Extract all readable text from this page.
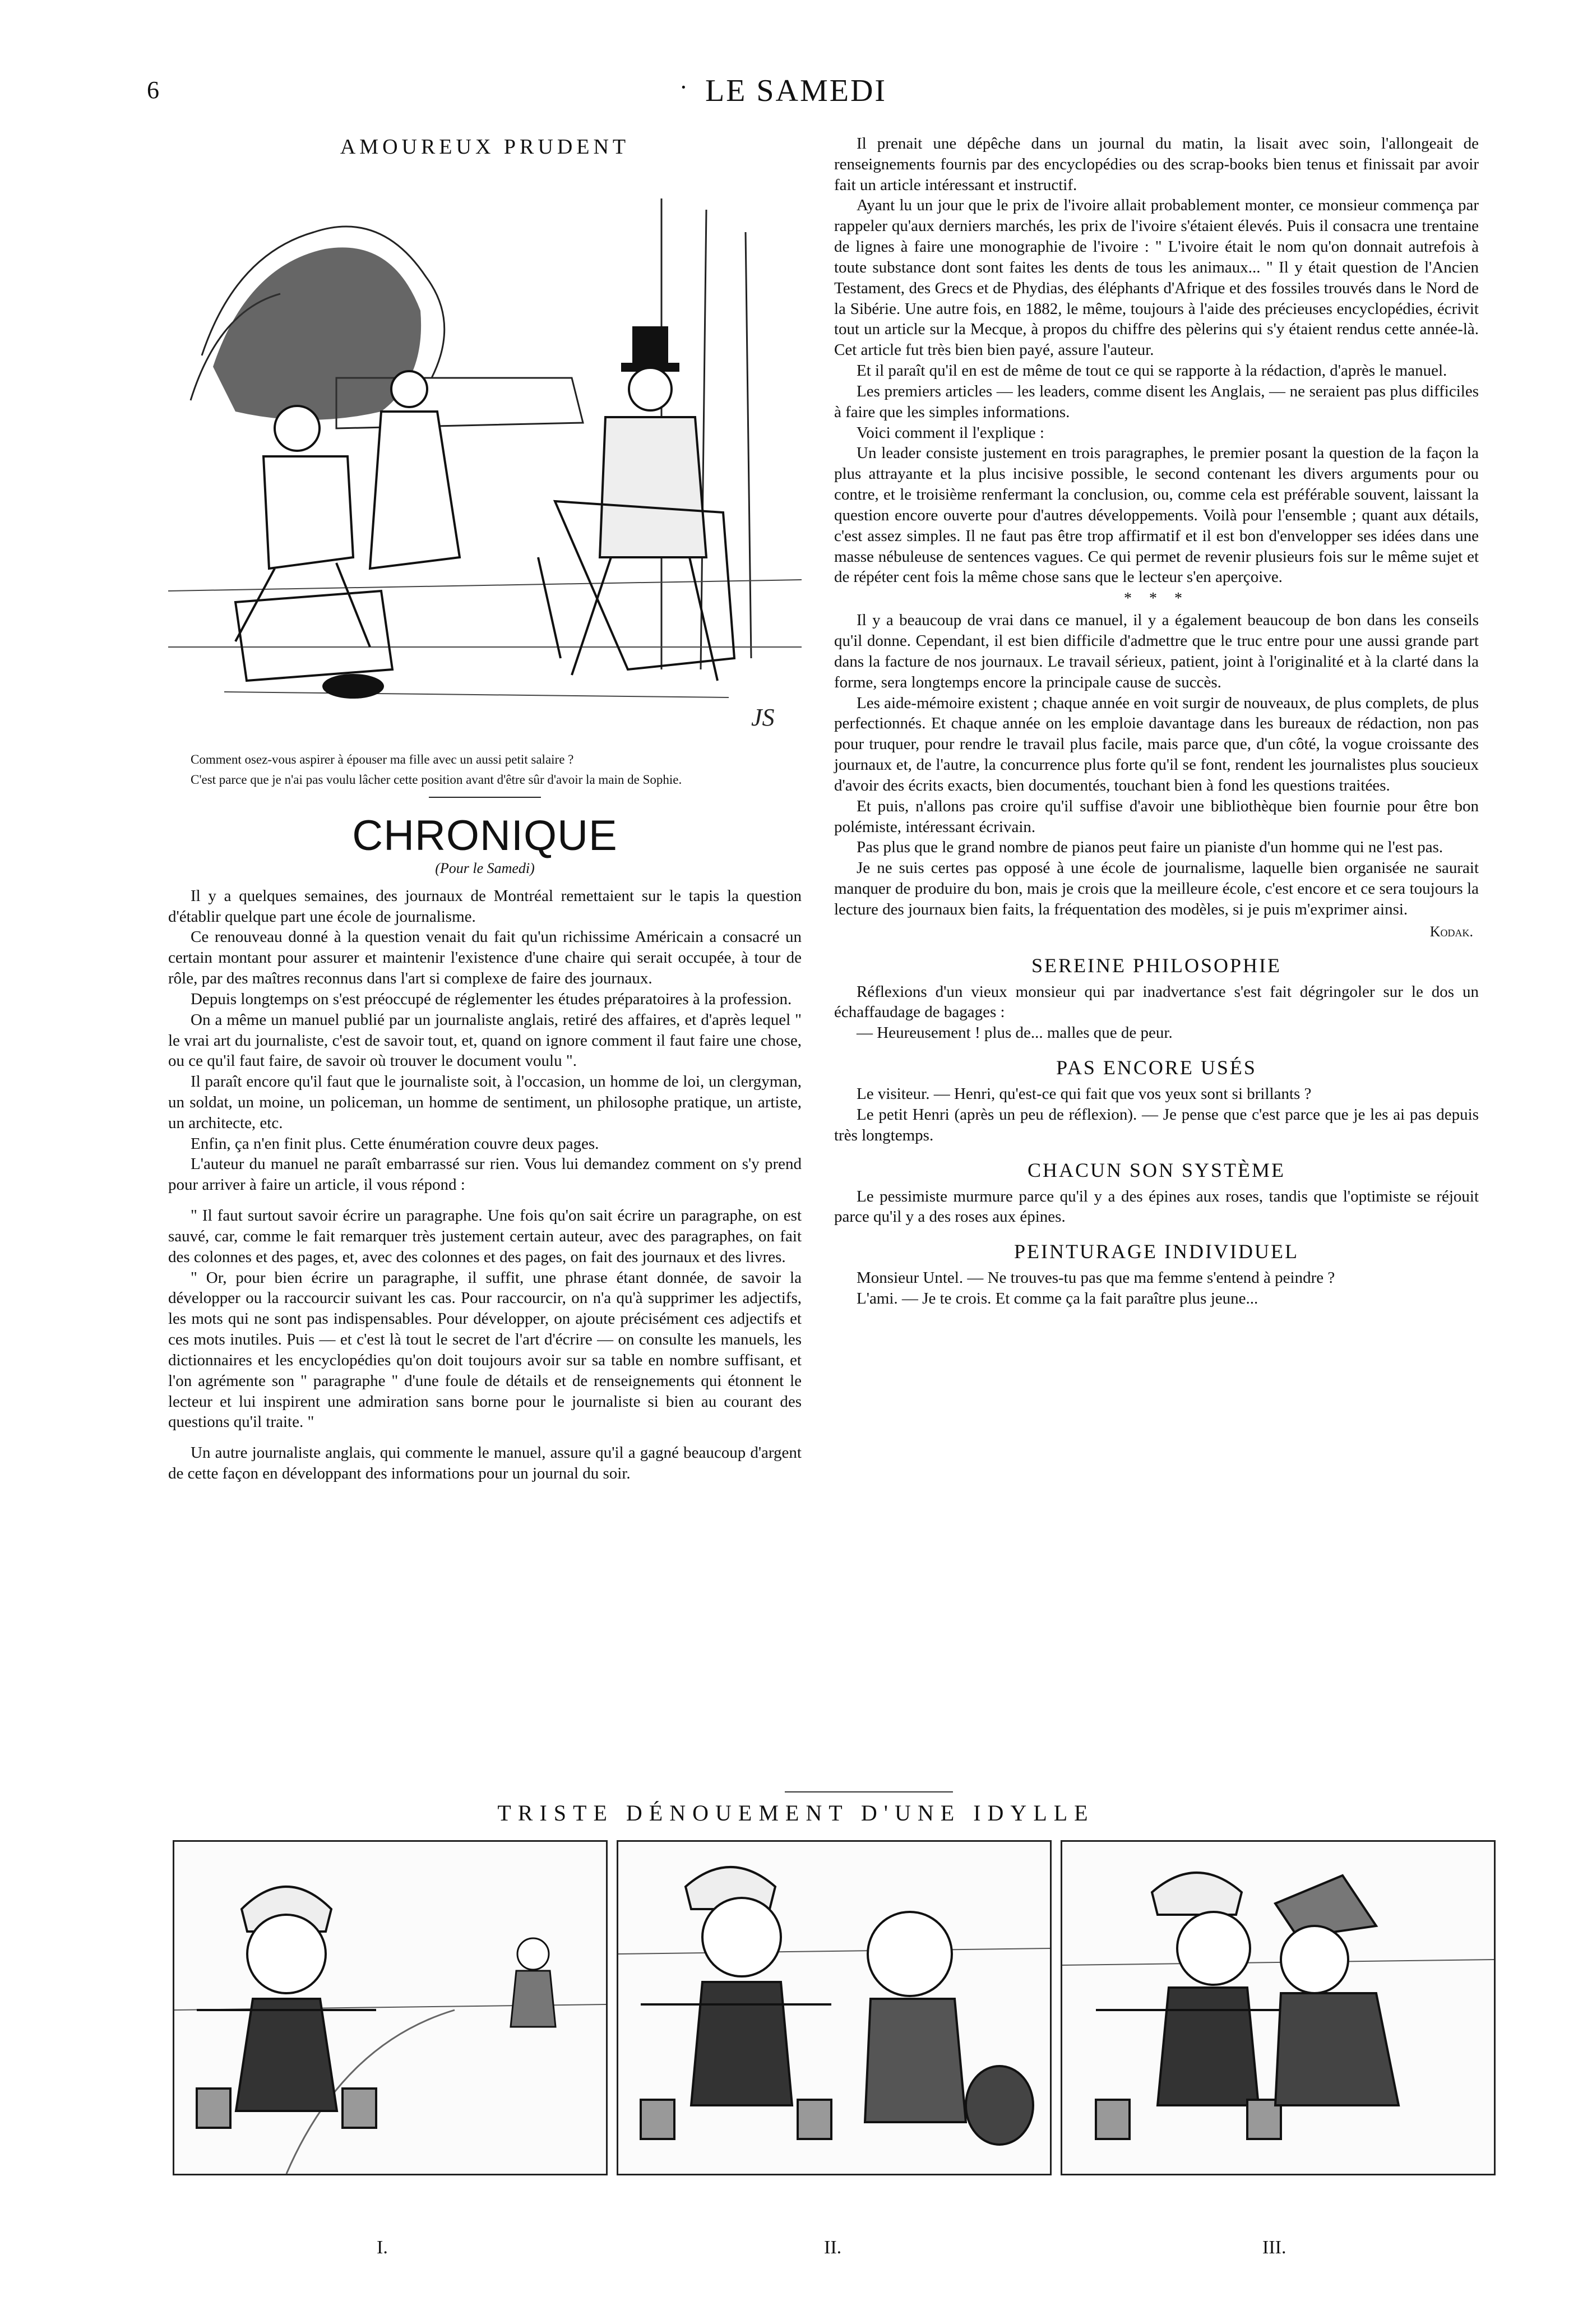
6	· LE SAMEDI
AMOUREUX PRUDENT
JS

Comment osez-vous aspirer à épouser ma fille avec un aussi petit salaire ?

C'est parce que je n'ai pas voulu lâcher cette position avant d'être sûr d'avoir la main de Sophie.

CHRONIQUE
(Pour le Samedi)

Il y a quelques semaines, des journaux de Montréal remettaient sur le tapis la question d'établir quelque part une école de journalisme.

Ce renouveau donné à la question venait du fait qu'un richissime Américain a consacré un certain montant pour assurer et maintenir l'existence d'une chaire qui serait occupée, à tour de rôle, par des maîtres reconnus dans l'art si complexe de faire des journaux.

Depuis longtemps on s'est préoccupé de réglementer les études préparatoires à la profession.

On a même un manuel publié par un journaliste anglais, retiré des affaires, et d'après lequel " le vrai art du journaliste, c'est de savoir tout, et, quand on ignore comment il faut faire une chose, ou ce qu'il faut faire, de savoir où trouver le document voulu ".

Il paraît encore qu'il faut que le journaliste soit, à l'occasion, un homme de loi, un clergyman, un soldat, un moine, un policeman, un homme de sentiment, un philosophe pratique, un artiste, un architecte, etc.

Enfin, ça n'en finit plus. Cette énumération couvre deux pages.

L'auteur du manuel ne paraît embarrassé sur rien. Vous lui demandez comment on s'y prend pour arriver à faire un article, il vous répond :

" Il faut surtout savoir écrire un paragraphe. Une fois qu'on sait écrire un paragraphe, on est sauvé, car, comme le fait remarquer très justement certain auteur, avec des paragraphes, on fait des colonnes et des pages, et, avec des colonnes et des pages, on fait des journaux et des livres.

" Or, pour bien écrire un paragraphe, il suffit, une phrase étant donnée, de savoir la développer ou la raccourcir suivant les cas. Pour raccourcir, on n'a qu'à supprimer les adjectifs, les mots qui ne sont pas indispensables. Pour développer, on ajoute précisément ces adjectifs et ces mots inutiles. Puis — et c'est là tout le secret de l'art d'écrire — on consulte les manuels, les dictionnaires et les encyclopédies qu'on doit toujours avoir sur sa table en nombre suffisant, et l'on agrémente son " paragraphe " d'une foule de détails et de renseignements qui étonnent le lecteur et lui inspirent une admiration sans borne pour le journaliste si bien au courant des questions qu'il traite. "

Un autre journaliste anglais, qui commente le manuel, assure qu'il a gagné beaucoup d'argent de cette façon en développant des informations pour un journal du soir.

Il prenait une dépêche dans un journal du matin, la lisait avec soin, l'allongeait de renseignements fournis par des encyclopédies ou des scrap-books bien tenus et finissait par avoir fait un article intéressant et instructif.

Ayant lu un jour que le prix de l'ivoire allait probablement monter, ce monsieur commença par rappeler qu'aux derniers marchés, les prix de l'ivoire s'étaient élevés. Puis il consacra une trentaine de lignes à faire une monographie de l'ivoire : " L'ivoire était le nom qu'on donnait autrefois à toute substance dont sont faites les dents de tous les animaux... " Il y était question de l'Ancien Testament, des Grecs et de Phydias, des éléphants d'Afrique et des fossiles trouvés dans le Nord de la Sibérie. Une autre fois, en 1882, le même, toujours à l'aide des précieuses encyclopédies, écrivit tout un article sur la Mecque, à propos du chiffre des pèlerins qui s'y étaient rendus cette année-là. Cet article fut très bien bien payé, assure l'auteur.

Et il paraît qu'il en est de même de tout ce qui se rapporte à la rédaction, d'après le manuel.

Les premiers articles — les leaders, comme disent les Anglais, — ne seraient pas plus difficiles à faire que les simples informations.

Voici comment il l'explique :

Un leader consiste justement en trois paragraphes, le premier posant la question de la façon la plus attrayante et la plus incisive possible, le second contenant les divers arguments pour ou contre, et le troisième renfermant la conclusion, ou, comme cela est préférable souvent, laissant la question encore ouverte pour d'autres développements. Voilà pour l'ensemble ; quant aux détails, c'est assez simples. Il ne faut pas être trop affirmatif et il est bon d'envelopper ses idées dans une masse nébuleuse de sentences vagues. Ce qui permet de revenir plusieurs fois sur le même sujet et de répéter cent fois la même chose sans que le lecteur s'en aperçoive.

* * *

Il y a beaucoup de vrai dans ce manuel, il y a également beaucoup de bon dans les conseils qu'il donne. Cependant, il est bien difficile d'admettre que le truc entre pour une aussi grande part dans la facture de nos journaux. Le travail sérieux, patient, joint à l'originalité et à la clarté dans la forme, sera longtemps encore la principale cause de succès.

Les aide-mémoire existent ; chaque année en voit surgir de nouveaux, de plus complets, de plus perfectionnés. Et chaque année on les emploie davantage dans les bureaux de rédaction, non pas pour truquer, pour rendre le travail plus facile, mais parce que, d'un côté, la vogue croissante des journaux et, de l'autre, la concurrence plus forte qu'il se font, rendent les journalistes plus soucieux d'avoir des écrits exacts, bien documentés, touchant bien à fond les questions traitées.

Et puis, n'allons pas croire qu'il suffise d'avoir une bibliothèque bien fournie pour être bon polémiste, intéressant écrivain.

Pas plus que le grand nombre de pianos peut faire un pianiste d'un homme qui ne l'est pas.

Je ne suis certes pas opposé à une école de journalisme, laquelle bien organisée ne saurait manquer de produire du bon, mais je crois que la meilleure école, c'est encore et ce sera toujours la lecture des journaux bien faits, la fréquentation des modèles, si je puis m'exprimer ainsi.

Kodak.
SEREINE PHILOSOPHIE

Réflexions d'un vieux monsieur qui par inadvertance s'est fait dégringoler sur le dos un échaffaudage de bagages :

— Heureusement ! plus de... malles que de peur.

PAS ENCORE USÉS

Le visiteur. — Henri, qu'est-ce qui fait que vos yeux sont si brillants ?

Le petit Henri (après un peu de réflexion). — Je pense que c'est parce que je les ai pas depuis très longtemps.

CHACUN SON SYSTÈME

Le pessimiste murmure parce qu'il y a des épines aux roses, tandis que l'optimiste se réjouit parce qu'il y a des roses aux épines.

PEINTURAGE INDIVIDUEL

Monsieur Untel. — Ne trouves-tu pas que ma femme s'entend à peindre ?

L'ami. — Je te crois. Et comme ça la fait paraître plus jeune...

TRISTE DÉNOUEMENT D'UNE IDYLLE
I.	II.	III.
